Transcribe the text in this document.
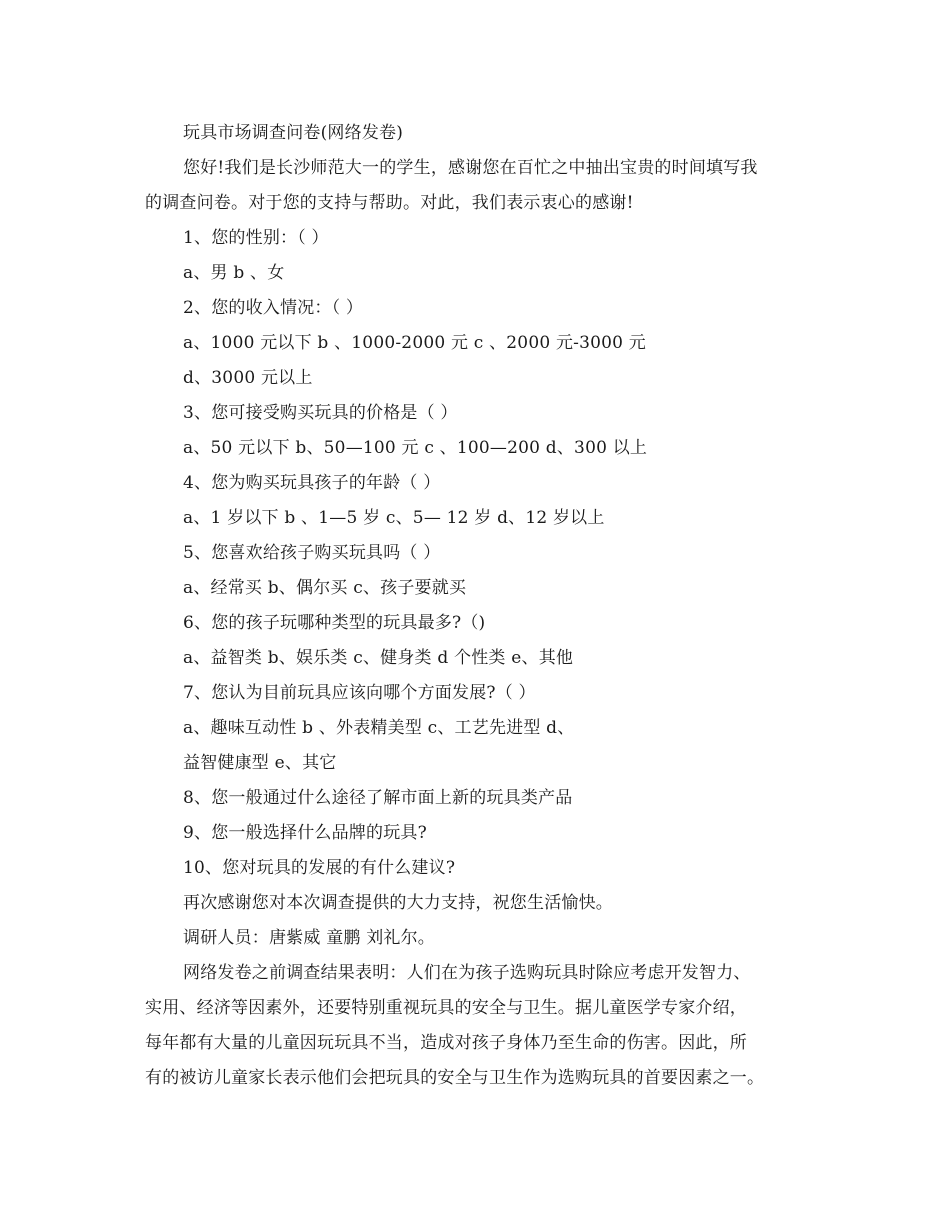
玩具市场调查问卷(网络发卷)
您好!我们是长沙师范大一的学生，感谢您在百忙之中抽出宝贵的时间填写我
的调查问卷。对于您的支持与帮助。对此，我们表示衷心的感谢!
1、您的性别：（ ）
a、男 b 、女
2、您的收入情况：（ ）
a、1000 元以下 b 、1000-2000 元 c 、2000 元-3000 元
d、3000 元以上
3、您可接受购买玩具的价格是（ ）
a、50 元以下 b、50—100 元 c 、100—200 d、300 以上
4、您为购买玩具孩子的年龄（ ）
a、1 岁以下 b 、1—5 岁 c、5— 12 岁 d、12 岁以上
5、您喜欢给孩子购买玩具吗（ ）
a、经常买 b、偶尔买 c、孩子要就买
6、您的孩子玩哪种类型的玩具最多?（)
a、益智类 b、娱乐类 c、健身类 d 个性类 e、其他
7、您认为目前玩具应该向哪个方面发展?（ ）
a、趣味互动性 b 、外表精美型 c、工艺先进型 d、
益智健康型 e、其它
8、您一般通过什么途径了解市面上新的玩具类产品
9、您一般选择什么品牌的玩具?
10、您对玩具的发展的有什么建议?
再次感谢您对本次调查提供的大力支持，祝您生活愉快。
调研人员：唐紫威 童鹏 刘礼尔。
网络发卷之前调查结果表明：人们在为孩子选购玩具时除应考虑开发智力、
实用、经济等因素外，还要特别重视玩具的安全与卫生。据儿童医学专家介绍，
每年都有大量的儿童因玩玩具不当，造成对孩子身体乃至生命的伤害。因此，所
有的被访儿童家长表示他们会把玩具的安全与卫生作为选购玩具的首要因素之一。
